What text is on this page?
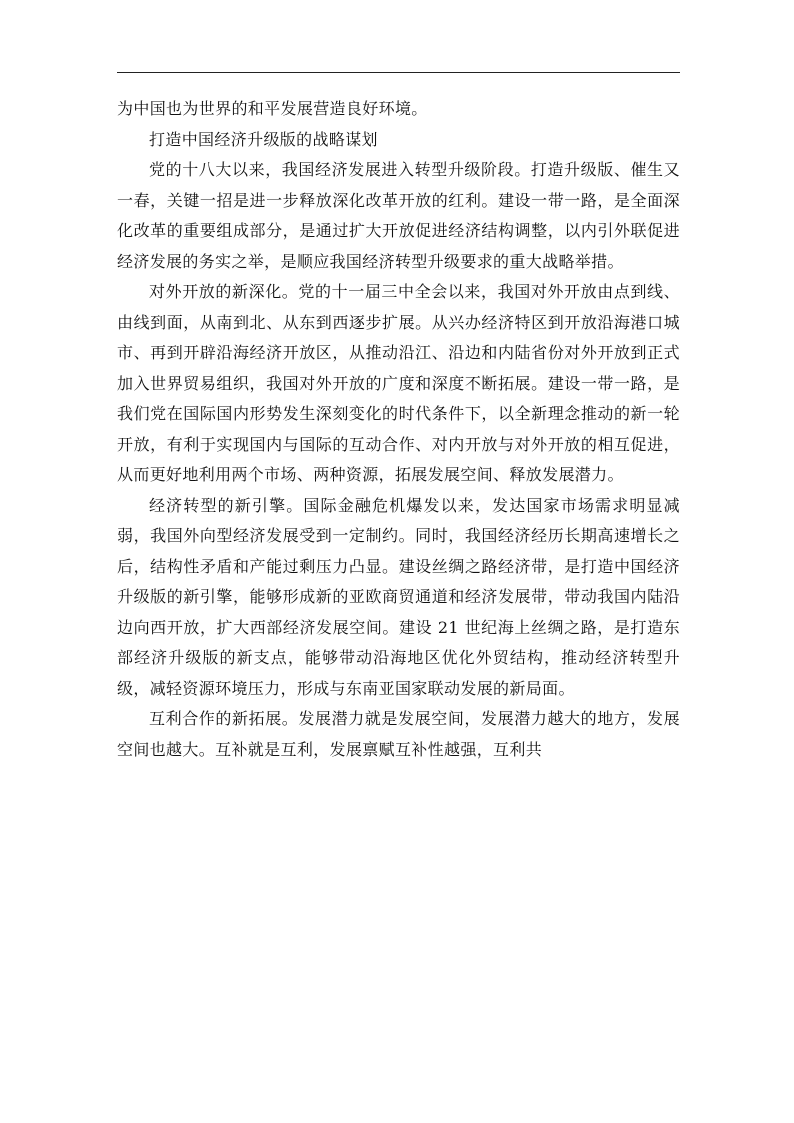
为中国也为世界的和平发展营造良好环境。

打造中国经济升级版的战略谋划

党的十八大以来，我国经济发展进入转型升级阶段。打造升级版、催生又一春，关键一招是进一步释放深化改革开放的红利。建设一带一路，是全面深化改革的重要组成部分，是通过扩大开放促进经济结构调整，以内引外联促进经济发展的务实之举，是顺应我国经济转型升级要求的重大战略举措。

对外开放的新深化。党的十一届三中全会以来，我国对外开放由点到线、由线到面，从南到北、从东到西逐步扩展。从兴办经济特区到开放沿海港口城市、再到开辟沿海经济开放区，从推动沿江、沿边和内陆省份对外开放到正式加入世界贸易组织，我国对外开放的广度和深度不断拓展。建设一带一路，是我们党在国际国内形势发生深刻变化的时代条件下，以全新理念推动的新一轮开放，有利于实现国内与国际的互动合作、对内开放与对外开放的相互促进，从而更好地利用两个市场、两种资源，拓展发展空间、释放发展潜力。

经济转型的新引擎。国际金融危机爆发以来，发达国家市场需求明显减弱，我国外向型经济发展受到一定制约。同时，我国经济经历长期高速增长之后，结构性矛盾和产能过剩压力凸显。建设丝绸之路经济带，是打造中国经济升级版的新引擎，能够形成新的亚欧商贸通道和经济发展带，带动我国内陆沿边向西开放，扩大西部经济发展空间。建设 21 世纪海上丝绸之路，是打造东部经济升级版的新支点，能够带动沿海地区优化外贸结构，推动经济转型升级，减轻资源环境压力，形成与东南亚国家联动发展的新局面。

互利合作的新拓展。发展潜力就是发展空间，发展潜力越大的地方，发展空间也越大。互补就是互利，发展禀赋互补性越强，互利共
